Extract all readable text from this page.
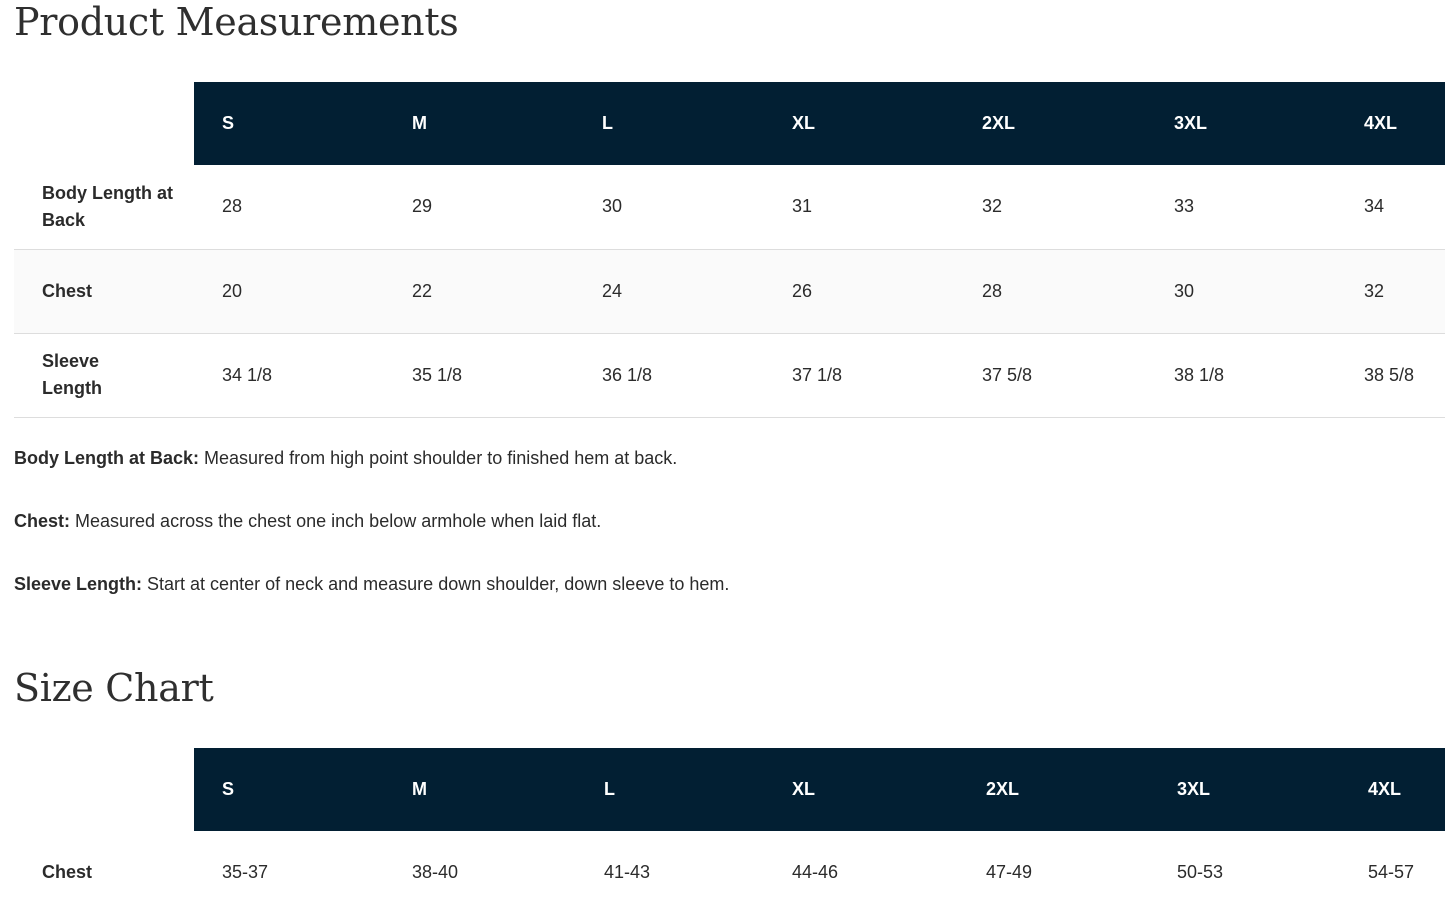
Product Measurements
	S	M	L	XL	2XL	3XL	4XL
Body Length at Back	28	29	30	31	32	33	34
Chest	20	22	24	26	28	30	32
Sleeve Length	34 1/8	35 1/8	36 1/8	37 1/8	37 5/8	38 1/8	38 5/8

Body Length at Back: Measured from high point shoulder to finished hem at back.

Chest: Measured across the chest one inch below armhole when laid flat.

Sleeve Length: Start at center of neck and measure down shoulder, down sleeve to hem.

Size Chart
	S	M	L	XL	2XL	3XL	4XL
Chest	35-37	38-40	41-43	44-46	47-49	50-53	54-57
